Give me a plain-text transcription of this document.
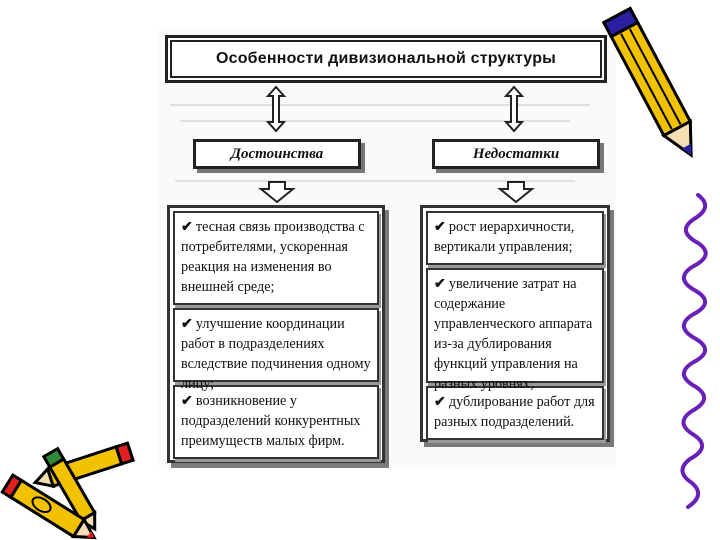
Особенности дивизиональной структуры
Достоинства	Недостатки
✔ тесная связь производства с потребителями, ускоренная реакция на изменения во внешней среде;
✔ улучшение координации работ в подразделениях вследствие подчинения одному лицу;
✔ возникновение у подразделений конкурентных преимуществ малых фирм.
✔ рост иерархичности, вертикали управления;
✔ увеличение затрат на содержание управленческого аппарата из-за дублирования функций управления на разных уровнях;
✔ дублирование работ для разных подразделений.
